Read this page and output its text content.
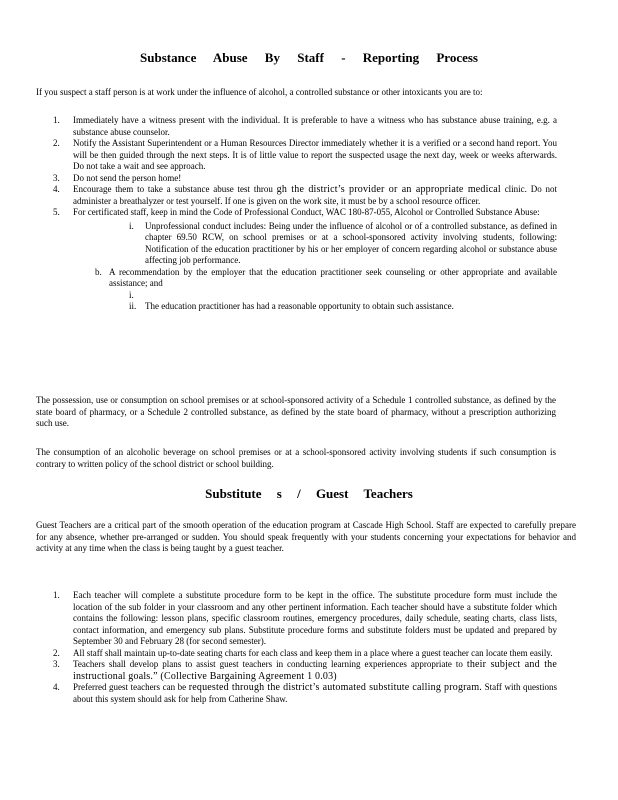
Substance Abuse By Staff - Reporting Process

If you suspect a staff person is at work under the influence of alcohol, a controlled substance or other intoxicants you are to:

1. Immediately have a witness present with the individual. It is preferable to have a witness who has substance abuse training, e.g. a substance abuse counselor.
2. Notify the Assistant Superintendent or a Human Resources Director immediately whether it is a verified or a second hand report. You will be then guided through the next steps. It is of little value to report the suspected usage the next day, week or weeks afterwards. Do not take a wait and see approach.
3. Do not send the person home!
4. Encourage them to take a substance abuse test throu gh the district’s provider or an appropriate medical clinic. Do not administer a breathalyzer or test yourself. If one is given on the work site, it must be by a school resource officer.
5. For certificated staff, keep in mind the Code of Professional Conduct, WAC 180-87-055, Alcohol or Controlled Substance Abuse:
i. Unprofessional conduct includes: Being under the influence of alcohol or of a controlled substance, as defined in chapter 69.50 RCW, on school premises or at a school-sponsored activity involving students, following: Notification of the education practitioner by his or her employer of concern regarding alcohol or substance abuse affecting job performance.
b. A recommendation by the employer that the education practitioner seek counseling or other appropriate and available assistance; and
i.

ii. The education practitioner has had a reasonable opportunity to obtain such assistance.

The possession, use or consumption on school premises or at school-sponsored activity of a Schedule 1 controlled substance, as defined by the state board of pharmacy, or a Schedule 2 controlled substance, as defined by the state board of pharmacy, without a prescription authorizing such use.

The consumption of an alcoholic beverage on school premises or at a school-sponsored activity involving students if such consumption is contrary to written policy of the school district or school building.

Substitute s / Guest Teachers

Guest Teachers are a critical part of the smooth operation of the education program at Cascade High School. Staff are expected to carefully prepare for any absence, whether pre-arranged or sudden. You should speak frequently with your students concerning your expectations for behavior and activity at any time when the class is being taught by a guest teacher.

1. Each teacher will complete a substitute procedure form to be kept in the office. The substitute procedure form must include the location of the sub folder in your classroom and any other pertinent information. Each teacher should have a substitute folder which contains the following: lesson plans, specific classroom routines, emergency procedures, daily schedule, seating charts, class lists, contact information, and emergency sub plans. Substitute procedure forms and substitute folders must be updated and prepared by September 30 and February 28 (for second semester).
2. All staff shall maintain up-to-date seating charts for each class and keep them in a place where a guest teacher can locate them easily.
3. Teachers shall develop plans to assist guest teachers in conducting learning experiences appropriate to their subject and the instructional goals.” (Collective Bargaining Agreement 1 0.03)
4. Preferred guest teachers can be requested through the district’s automated substitute calling program. Staff with questions about this system should ask for help from Catherine Shaw.
